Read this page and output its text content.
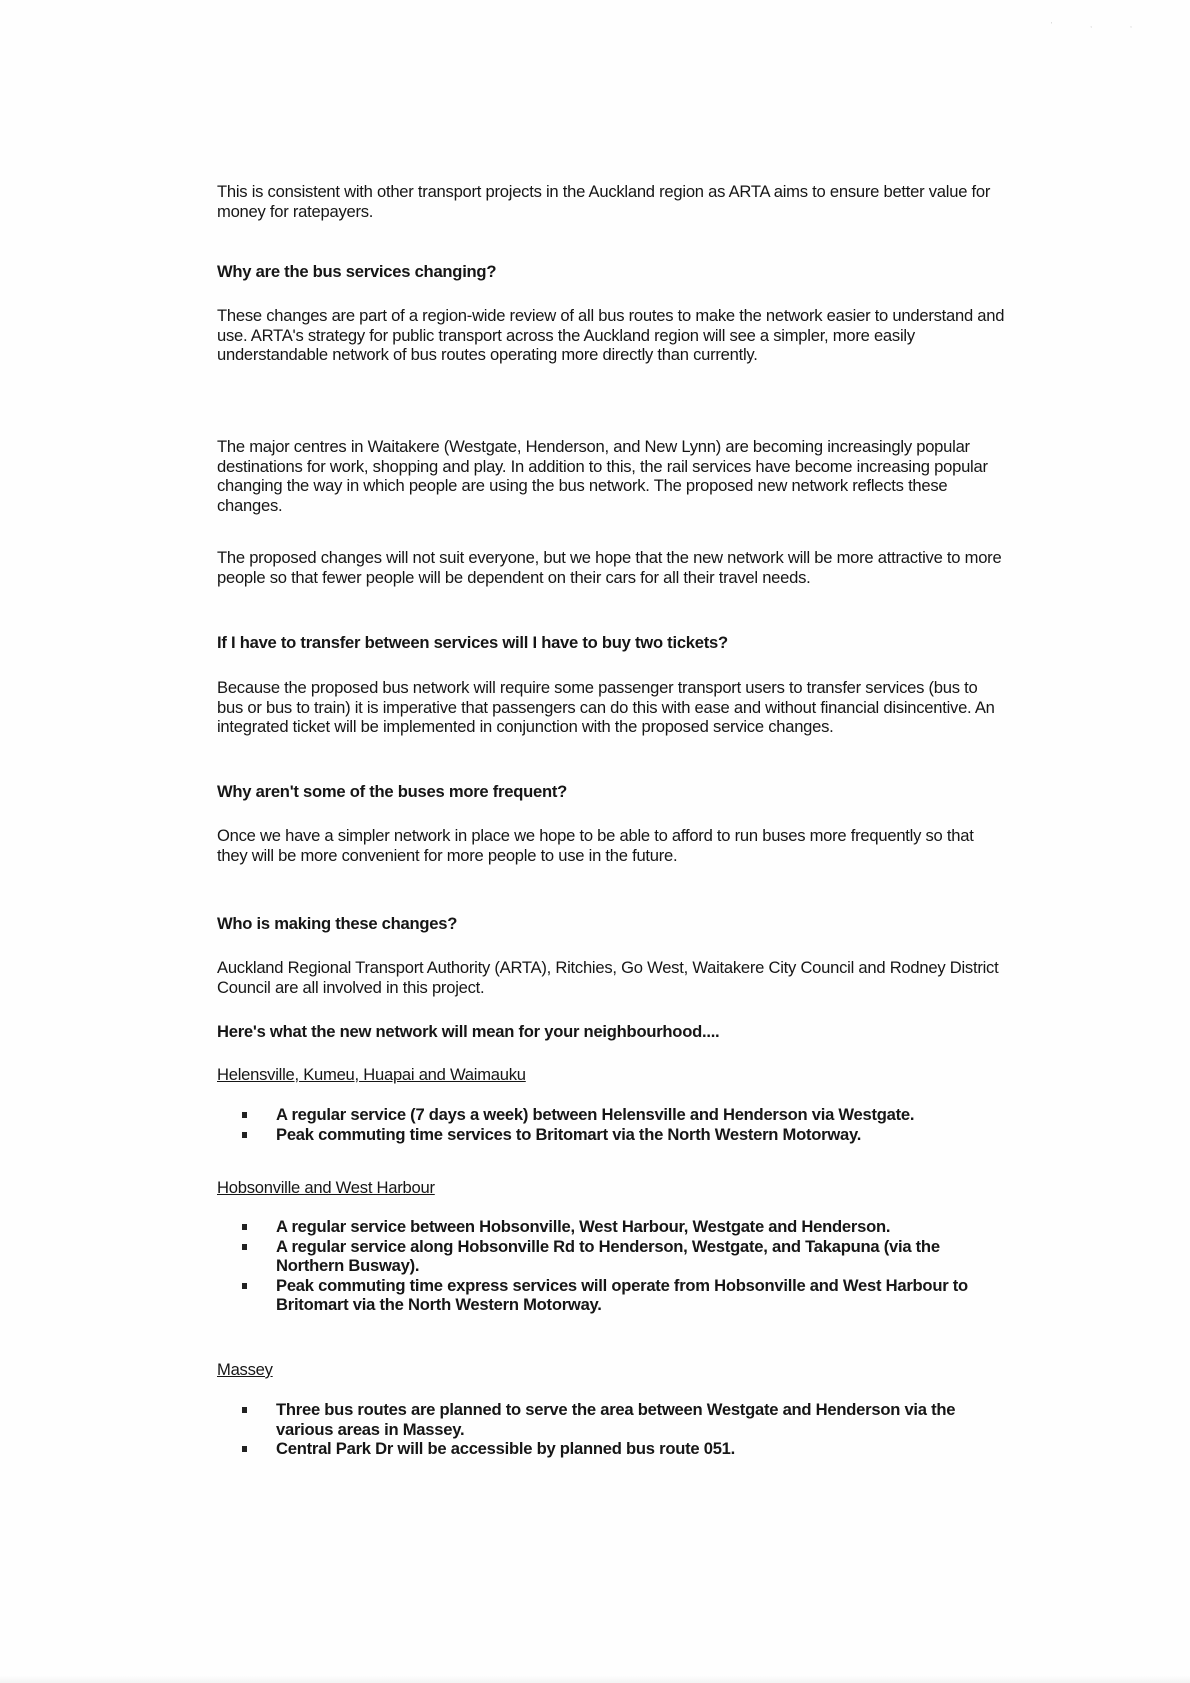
' , ,

This is consistent with other transport projects in the Auckland region as ARTA aims to ensure better value for money for ratepayers.

Why are the bus services changing?

These changes are part of a region-wide review of all bus routes to make the network easier to understand and use. ARTA's strategy for public transport across the Auckland region will see a simpler, more easily understandable network of bus routes operating more directly than currently.

The major centres in Waitakere (Westgate, Henderson, and New Lynn) are becoming increasingly popular destinations for work, shopping and play. In addition to this, the rail services have become increasing popular changing the way in which people are using the bus network. The proposed new network reflects these changes.

The proposed changes will not suit everyone, but we hope that the new network will be more attractive to more people so that fewer people will be dependent on their cars for all their travel needs.

If I have to transfer between services will I have to buy two tickets?

Because the proposed bus network will require some passenger transport users to transfer services (bus to bus or bus to train) it is imperative that passengers can do this with ease and without financial disincentive. An integrated ticket will be implemented in conjunction with the proposed service changes.

Why aren't some of the buses more frequent?

Once we have a simpler network in place we hope to be able to afford to run buses more frequently so that they will be more convenient for more people to use in the future.

Who is making these changes?

Auckland Regional Transport Authority (ARTA), Ritchies, Go West, Waitakere City Council and Rodney District Council are all involved in this project.

Here's what the new network will mean for your neighbourhood....

Helensville, Kumeu, Huapai and Waimauku

A regular service (7 days a week) between Helensville and Henderson via Westgate.
Peak commuting time services to Britomart via the North Western Motorway.

Hobsonville and West Harbour

A regular service between Hobsonville, West Harbour, Westgate and Henderson.
A regular service along Hobsonville Rd to Henderson, Westgate, and Takapuna (via the Northern Busway).
Peak commuting time express services will operate from Hobsonville and West Harbour to Britomart via the North Western Motorway.

Massey

Three bus routes are planned to serve the area between Westgate and Henderson via the various areas in Massey.
Central Park Dr will be accessible by planned bus route 051.
